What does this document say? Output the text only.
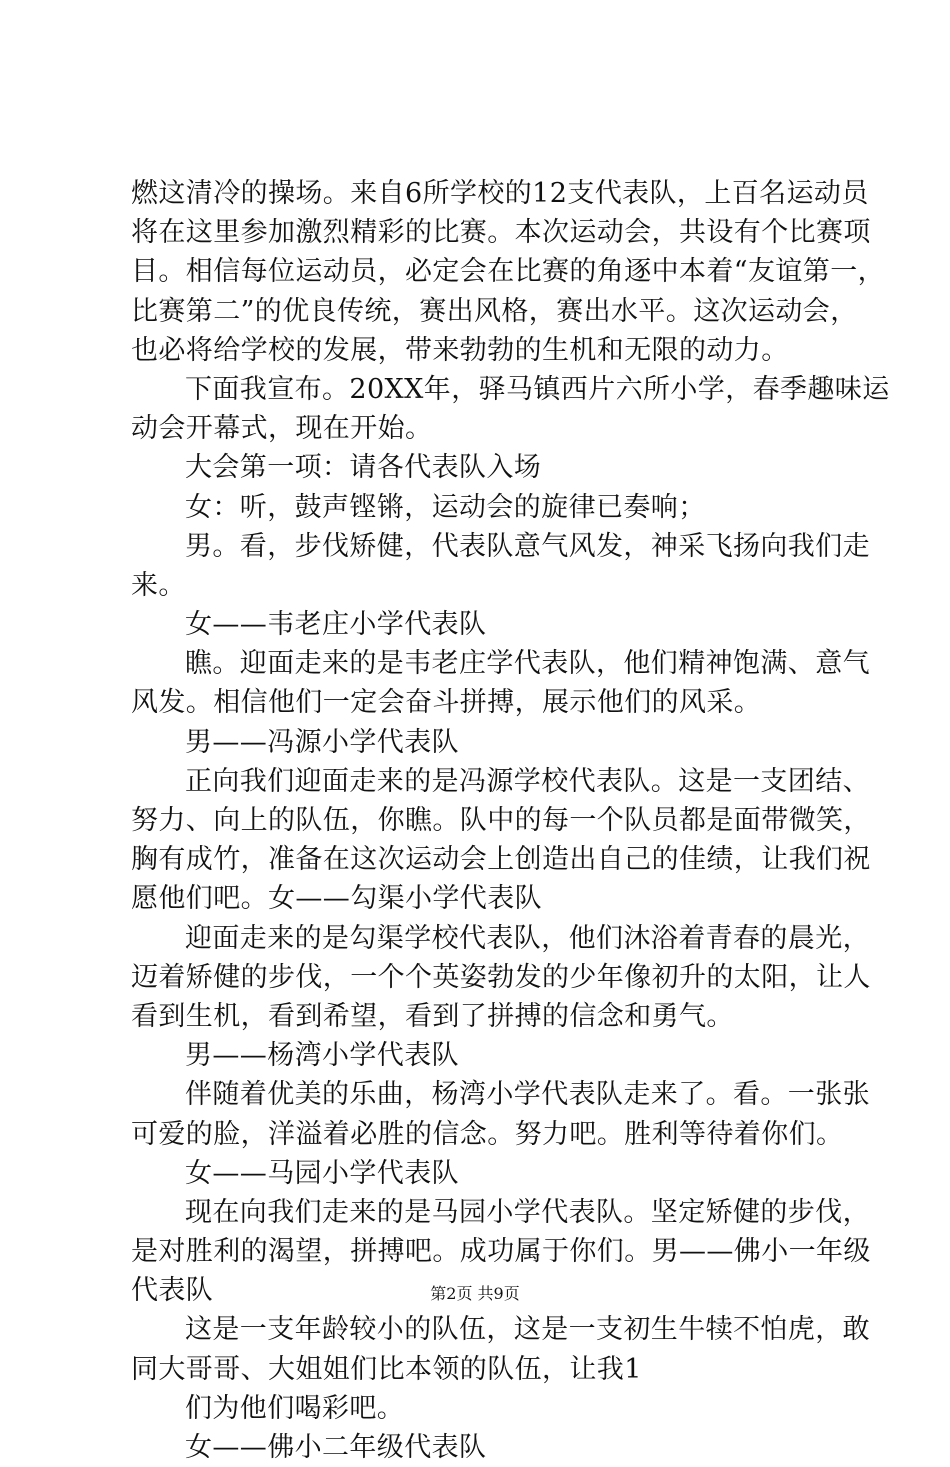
燃这清冷的操场。来自6所学校的12支代表队，上百名运动员
将在这里参加激烈精彩的比赛。本次运动会，共设有个比赛项
目。相信每位运动员，必定会在比赛的角逐中本着“友谊第一，
比赛第二”的优良传统，赛出风格，赛出水平。这次运动会，
也必将给学校的发展，带来勃勃的生机和无限的动力。
下面我宣布。20XX年，驿马镇西片六所小学，春季趣味运
动会开幕式，现在开始。
大会第一项：请各代表队入场
女：听，鼓声铿锵，运动会的旋律已奏响；
男。看，步伐矫健，代表队意气风发，神采飞扬向我们走
来。
女——韦老庄小学代表队
瞧。迎面走来的是韦老庄学代表队，他们精神饱满、意气
风发。相信他们一定会奋斗拼搏，展示他们的风采。
男——冯源小学代表队
正向我们迎面走来的是冯源学校代表队。这是一支团结、
努力、向上的队伍，你瞧。队中的每一个队员都是面带微笑，
胸有成竹，准备在这次运动会上创造出自己的佳绩，让我们祝
愿他们吧。女——勾渠小学代表队
迎面走来的是勾渠学校代表队，他们沐浴着青春的晨光，
迈着矫健的步伐，一个个英姿勃发的少年像初升的太阳，让人
看到生机，看到希望，看到了拼搏的信念和勇气。
男——杨湾小学代表队
伴随着优美的乐曲，杨湾小学代表队走来了。看。一张张
可爱的脸，洋溢着必胜的信念。努力吧。胜利等待着你们。
女——马园小学代表队
现在向我们走来的是马园小学代表队。坚定矫健的步伐，
是对胜利的渴望，拼搏吧。成功属于你们。男——佛小一年级
代表队
这是一支年龄较小的队伍，这是一支初生牛犊不怕虎，敢
同大哥哥、大姐姐们比本领的队伍，让我1
们为他们喝彩吧。
女——佛小二年级代表队
第2页 共9页
